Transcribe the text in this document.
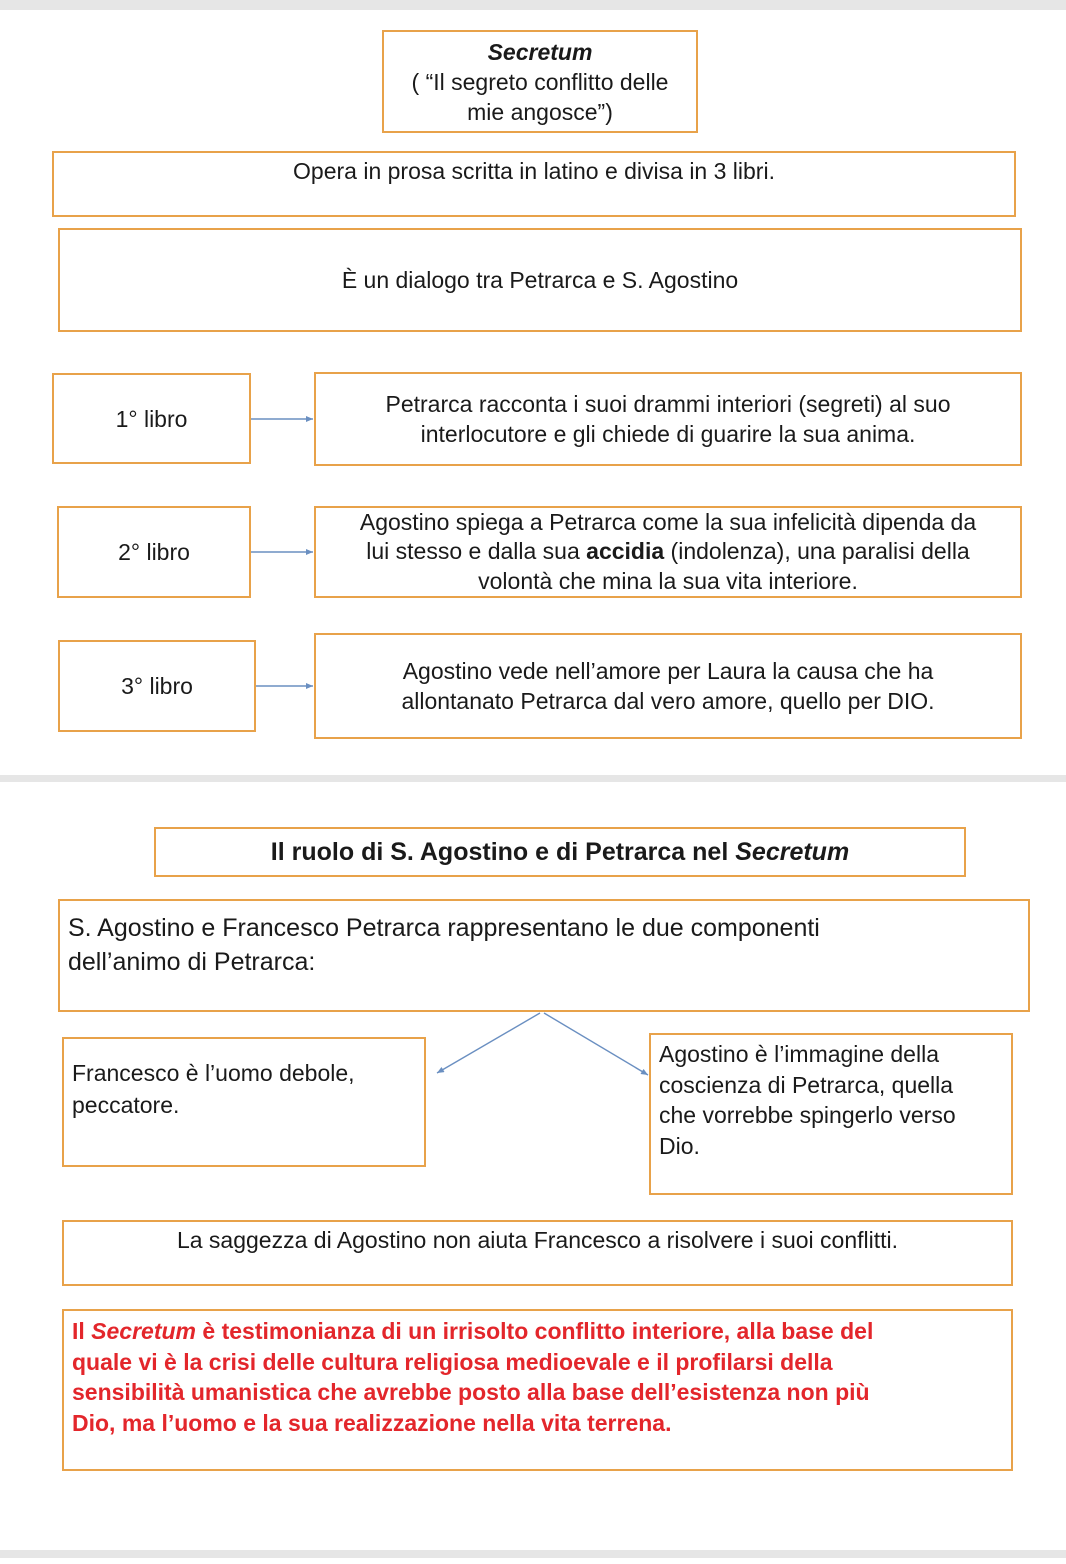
Secretum
( “Il segreto conflitto delle
mie angosce”)
Opera in prosa scritta in latino e divisa in 3 libri.
È un dialogo tra Petrarca e S. Agostino
1° libro
Petrarca racconta i suoi drammi interiori (segreti) al suo
interlocutore e gli chiede di guarire la sua anima.
2° libro
Agostino spiega a Petrarca come la sua infelicità dipenda da
lui stesso e dalla sua accidia (indolenza), una paralisi della
volontà che mina la sua vita interiore.
3° libro
Agostino vede nell’amore per Laura la causa che ha
allontanato Petrarca dal vero amore, quello per DIO.
Il ruolo di S. Agostino e di Petrarca nel Secretum
S. Agostino e Francesco Petrarca rappresentano le due componenti
dell’animo di Petrarca:
Francesco è l’uomo debole,
peccatore.
Agostino è l’immagine della
coscienza di Petrarca, quella
che vorrebbe spingerlo verso
Dio.
La saggezza di Agostino non aiuta Francesco a risolvere i suoi conflitti.
Il Secretum è testimonianza di un irrisolto conflitto interiore, alla base del
quale vi è la crisi delle cultura religiosa medioevale e il profilarsi della
sensibilità umanistica che avrebbe posto alla base dell’esistenza non più
Dio, ma l’uomo e la sua realizzazione nella vita terrena.
